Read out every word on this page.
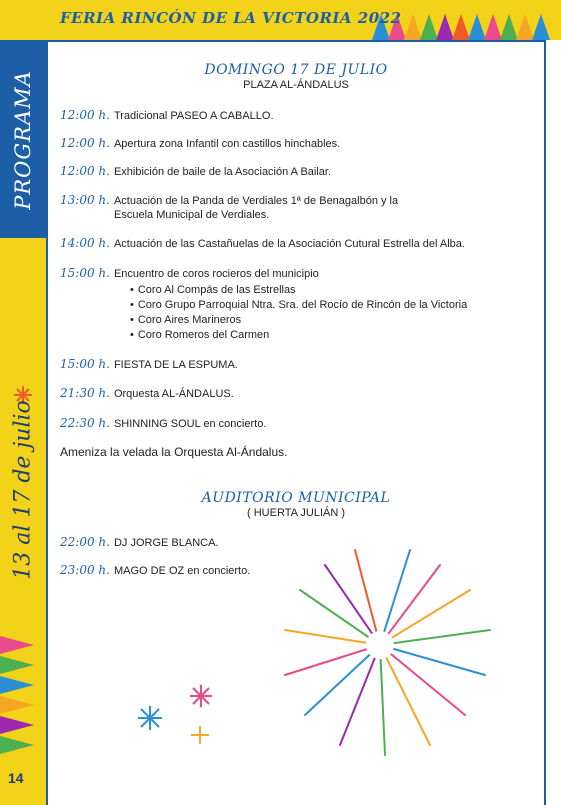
FERIA RINCÓN DE LA VICTORIA 2022
PROGRAMA
13 al 17 de julio
14
DOMINGO 17 DE JULIO
PLAZA AL-ÁNDALUS
12:00 h. Tradicional PASEO A CABALLO.
12:00 h. Apertura zona Infantil con castillos hinchables.
12:00 h. Exhibición de baile de la Asociación A Bailar.
13:00 h. Actuación de la Panda de Verdiales 1ª de Benagalbón y la
Escuela Municipal de Verdiales.
14:00 h. Actuación de las Castañuelas de la Asociación Cutural Estrella del Alba.
15:00 h. Encuentro de coros rocieros del municipio
• Coro Al Compás de las Estrellas
• Coro Grupo Parroquial Ntra. Sra. del Rocío de Rincón de la Victoria
• Coro Aires Marineros
• Coro Romeros del Carmen
15:00 h. FIESTA DE LA ESPUMA.
21:30 h. Orquesta AL-ÁNDALUS.
22:30 h. SHINNING SOUL en concierto.
Ameniza la velada la Orquesta Al-Ándalus.
AUDITORIO MUNICIPAL
( HUERTA JULIÁN )
22:00 h. DJ JORGE BLANCA.
23:00 h. MAGO DE OZ en concierto.
